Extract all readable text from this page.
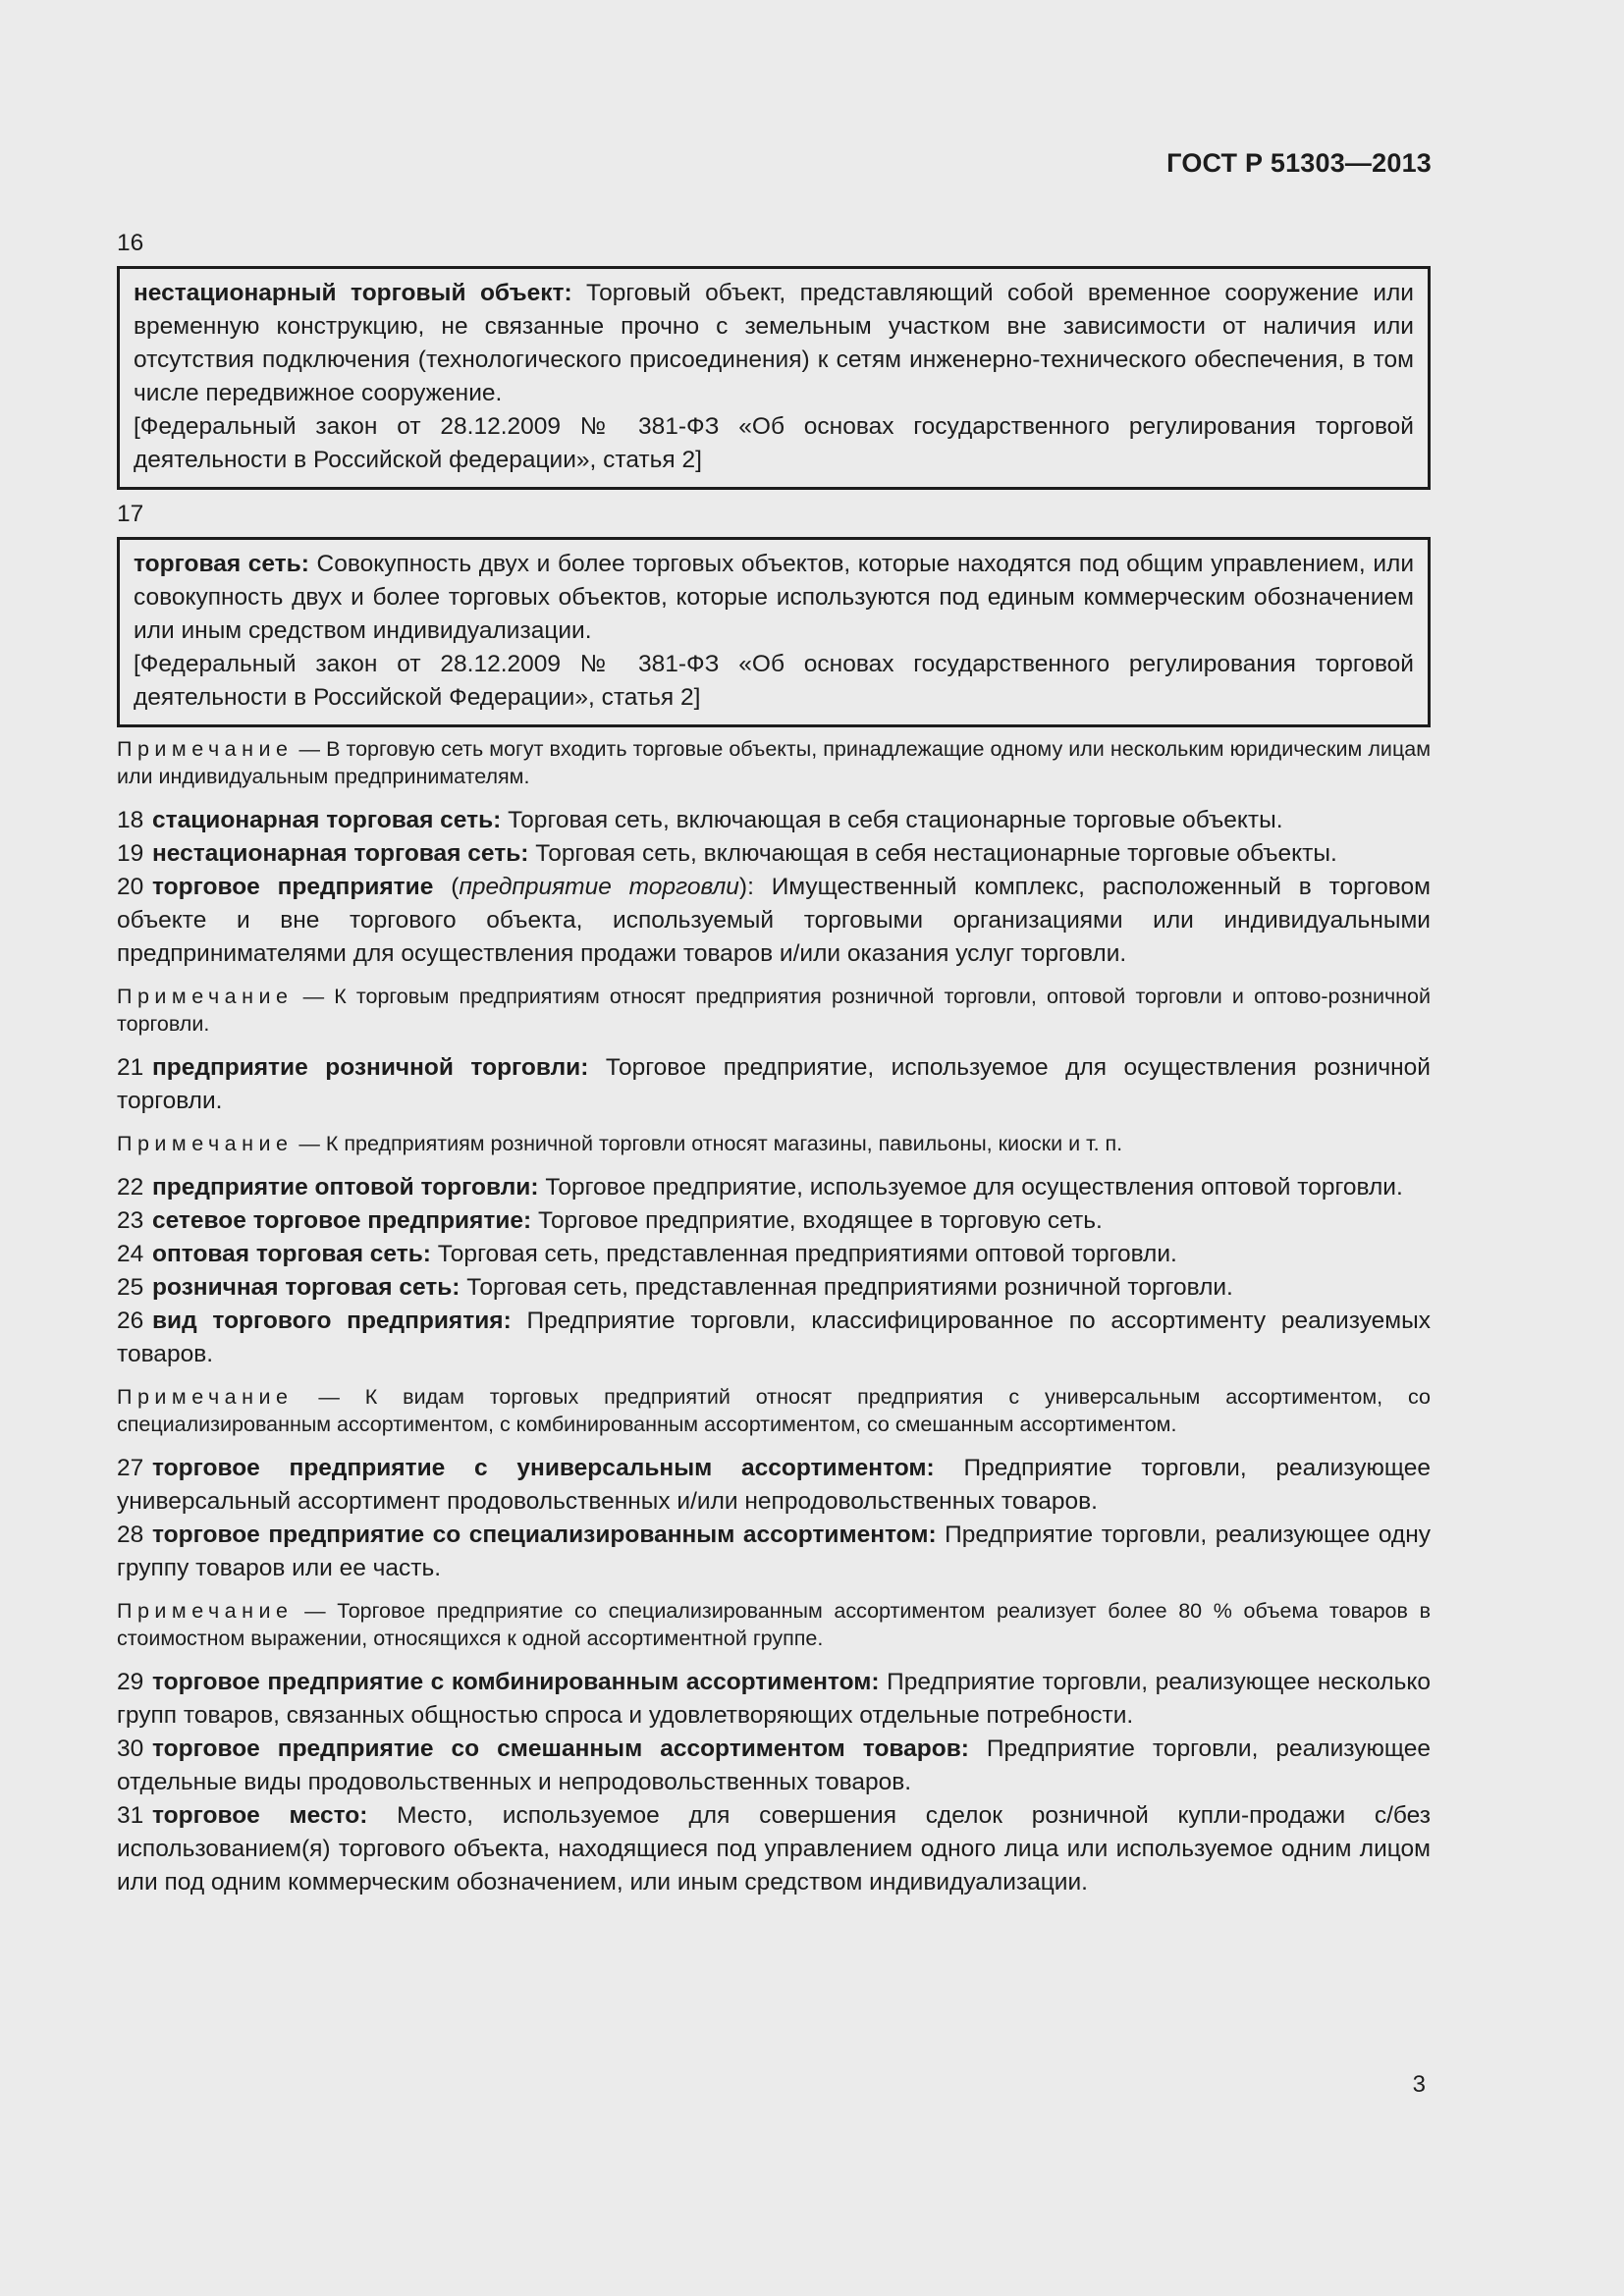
ГОСТ Р 51303—2013

16

нестационарный торговый объект: Торговый объект, представляющий собой временное сооружение или временную конструкцию, не связанные прочно с земельным участком вне зависимости от наличия или отсутствия подключения (технологического присоединения) к сетям инженерно-технического обеспечения, в том числе передвижное сооружение.

[Федеральный закон от 28.12.2009 № 381-ФЗ «Об основах государственного регулирования торговой деятельности в Российской федерации», статья 2]

17

торговая сеть: Совокупность двух и более торговых объектов, которые находятся под общим управлением, или совокупность двух и более торговых объектов, которые используются под единым коммерческим обозначением или иным средством индивидуализации.

[Федеральный закон от 28.12.2009 № 381-ФЗ «Об основах государственного регулирования торговой деятельности в Российской Федерации», статья 2]

Примечание — В торговую сеть могут входить торговые объекты, принадлежащие одному или нескольким юридическим лицам или индивидуальным предпринимателям.

18 стационарная торговая сеть: Торговая сеть, включающая в себя стационарные торговые объекты.

19 нестационарная торговая сеть: Торговая сеть, включающая в себя нестационарные торговые объекты.

20 торговое предприятие (предприятие торговли): Имущественный комплекс, расположенный в торговом объекте и вне торгового объекта, используемый торговыми организациями или индивидуальными предпринимателями для осуществления продажи товаров и/или оказания услуг торговли.

Примечание — К торговым предприятиям относят предприятия розничной торговли, оптовой торговли и оптово-розничной торговли.

21 предприятие розничной торговли: Торговое предприятие, используемое для осуществления розничной торговли.

Примечание — К предприятиям розничной торговли относят магазины, павильоны, киоски и т. п.

22 предприятие оптовой торговли: Торговое предприятие, используемое для осуществления оптовой торговли.

23 сетевое торговое предприятие: Торговое предприятие, входящее в торговую сеть.

24 оптовая торговая сеть: Торговая сеть, представленная предприятиями оптовой торговли.

25 розничная торговая сеть: Торговая сеть, представленная предприятиями розничной торговли.

26 вид торгового предприятия: Предприятие торговли, классифицированное по ассортименту реализуемых товаров.

Примечание — К видам торговых предприятий относят предприятия с универсальным ассортиментом, со специализированным ассортиментом, с комбинированным ассортиментом, со смешанным ассортиментом.

27 торговое предприятие с универсальным ассортиментом: Предприятие торговли, реализующее универсальный ассортимент продовольственных и/или непродовольственных товаров.

28 торговое предприятие со специализированным ассортиментом: Предприятие торговли, реализующее одну группу товаров или ее часть.

Примечание — Торговое предприятие со специализированным ассортиментом реализует более 80 % объема товаров в стоимостном выражении, относящихся к одной ассортиментной группе.

29 торговое предприятие с комбинированным ассортиментом: Предприятие торговли, реализующее несколько групп товаров, связанных общностью спроса и удовлетворяющих отдельные потребности.

30 торговое предприятие со смешанным ассортиментом товаров: Предприятие торговли, реализующее отдельные виды продовольственных и непродовольственных товаров.

31 торговое место: Место, используемое для совершения сделок розничной купли-продажи с/без использованием(я) торгового объекта, находящиеся под управлением одного лица или используемое одним лицом или под одним коммерческим обозначением, или иным средством индивидуализации.

3
